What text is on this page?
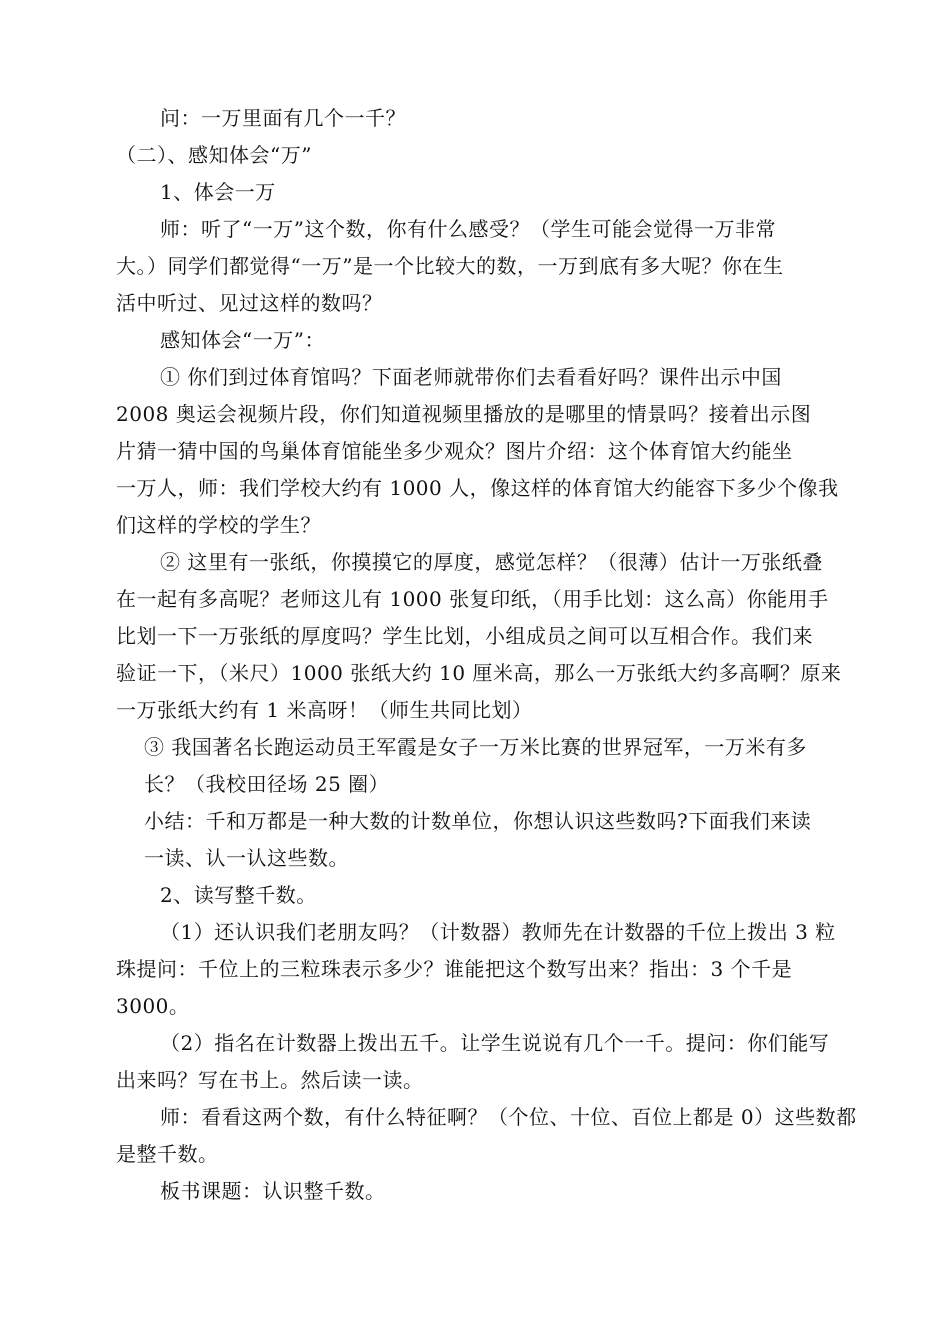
问：一万里面有几个一千？
（二）、感知体会“万”
1、体会一万
师：听了“一万”这个数，你有什么感受？（学生可能会觉得一万非常
大。）同学们都觉得“一万”是一个比较大的数，一万到底有多大呢？你在生
活中听过、见过这样的数吗？
感知体会“一万”：
① 你们到过体育馆吗？下面老师就带你们去看看好吗？课件出示中国
2008 奥运会视频片段，你们知道视频里播放的是哪里的情景吗？接着出示图
片猜一猜中国的鸟巢体育馆能坐多少观众？图片介绍：这个体育馆大约能坐
一万人，师：我们学校大约有 1000 人，像这样的体育馆大约能容下多少个像我
们这样的学校的学生？
② 这里有一张纸，你摸摸它的厚度，感觉怎样？（很薄）估计一万张纸叠
在一起有多高呢？老师这儿有 1000 张复印纸，（用手比划：这么高）你能用手
比划一下一万张纸的厚度吗？学生比划，小组成员之间可以互相合作。我们来
验证一下，（米尺）1000 张纸大约 10 厘米高，那么一万张纸大约多高啊？原来
一万张纸大约有 1 米高呀！（师生共同比划）
③ 我国著名长跑运动员王军霞是女子一万米比赛的世界冠军，一万米有多
长？（我校田径场 25 圈）
小结：千和万都是一种大数的计数单位，你想认识这些数吗?下面我们来读
一读、认一认这些数。
2、读写整千数。
（1）还认识我们老朋友吗？（计数器）教师先在计数器的千位上拨出 3 粒
珠提问：千位上的三粒珠表示多少？谁能把这个数写出来？指出：3 个千是
3000。
（2）指名在计数器上拨出五千。让学生说说有几个一千。提问：你们能写
出来吗？写在书上。然后读一读。
师：看看这两个数，有什么特征啊？（个位、十位、百位上都是 0）这些数都
是整千数。
板书课题：认识整千数。
